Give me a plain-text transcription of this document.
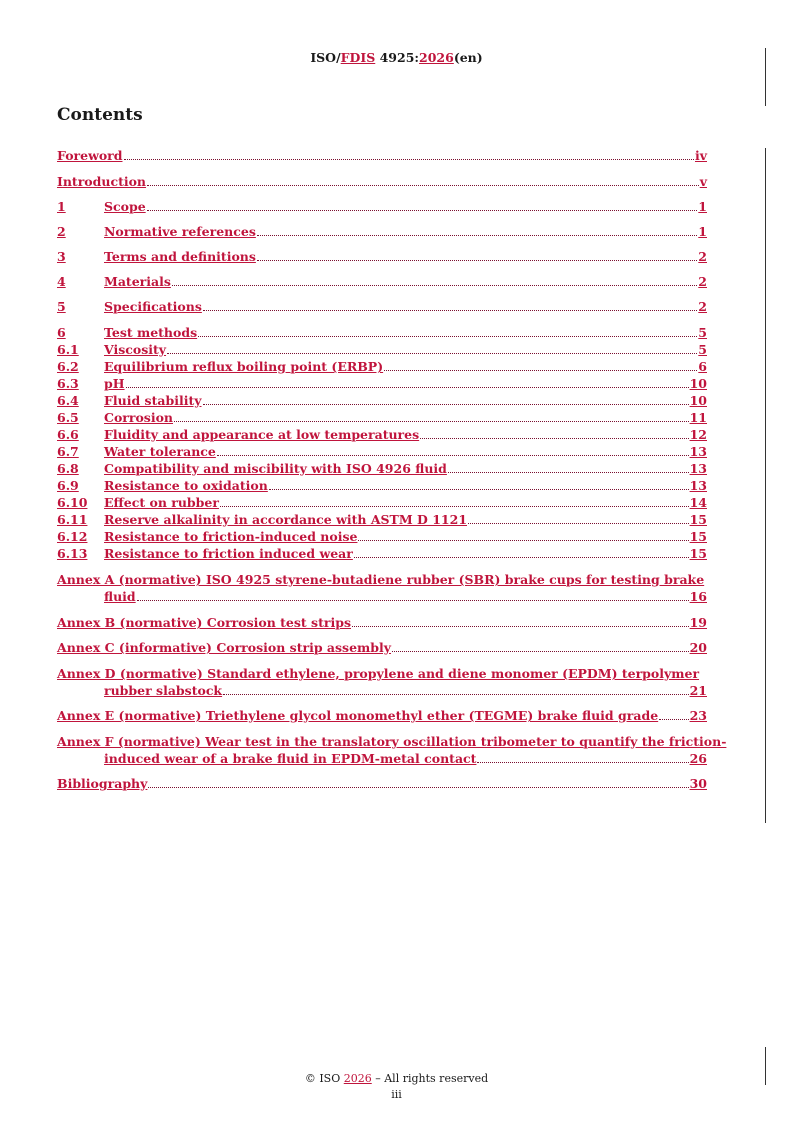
ISO/FDIS 4925:2026(en)
Contents
Foreword	iv
Introduction	v
1	Scope	1
2	Normative references	1
3	Terms and definitions	2
4	Materials	2
5	Specifications	2
6	Test methods	5
6.1	Viscosity	5
6.2	Equilibrium reflux boiling point (ERBP)	6
6.3	pH	10
6.4	Fluid stability	10
6.5	Corrosion	11
6.6	Fluidity and appearance at low temperatures	12
6.7	Water tolerance	13
6.8	Compatibility and miscibility with ISO 4926 fluid	13
6.9	Resistance to oxidation	13
6.10	Effect on rubber	14
6.11	Reserve alkalinity in accordance with ASTM D 1121	15
6.12	Resistance to friction-induced noise	15
6.13	Resistance to friction induced wear	15
Annex A (normative) ISO 4925 styrene-butadiene rubber (SBR) brake cups for testing brake
fluid	16
Annex B (normative) Corrosion test strips	19
Annex C (informative) Corrosion strip assembly	20
Annex D (normative) Standard ethylene, propylene and diene monomer (EPDM) terpolymer
rubber slabstock	21
Annex E (normative) Triethylene glycol monomethyl ether (TEGME) brake fluid grade	23
Annex F (normative) Wear test in the translatory oscillation tribometer to quantify the friction-
induced wear of a brake fluid in EPDM-metal contact	26
Bibliography	30
© ISO 2026 – All rights reserved
iii
